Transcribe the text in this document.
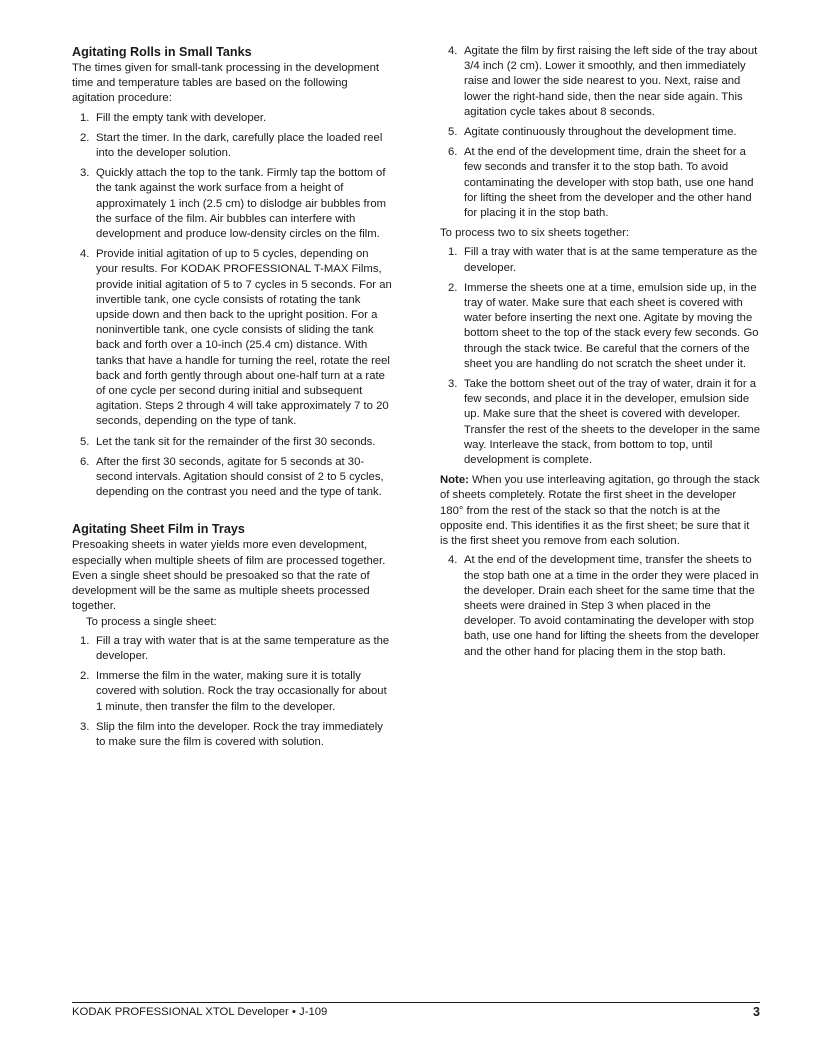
Agitating Rolls in Small Tanks

The times given for small-tank processing in the development time and temperature tables are based on the following agitation procedure:

1. Fill the empty tank with developer.
2. Start the timer. In the dark, carefully place the loaded reel into the developer solution.
3. Quickly attach the top to the tank. Firmly tap the bottom of the tank against the work surface from a height of approximately 1 inch (2.5 cm) to dislodge air bubbles from the surface of the film. Air bubbles can interfere with development and produce low-density circles on the film.
4. Provide initial agitation of up to 5 cycles, depending on your results. For KODAK PROFESSIONAL T-MAX Films, provide initial agitation of 5 to 7 cycles in 5 seconds. For an invertible tank, one cycle consists of rotating the tank upside down and then back to the upright position. For a noninvertible tank, one cycle consists of sliding the tank back and forth over a 10-inch (25.4 cm) distance. With tanks that have a handle for turning the reel, rotate the reel back and forth gently through about one-half turn at a rate of one cycle per second during initial and subsequent agitation. Steps 2 through 4 will take approximately 7 to 20 seconds, depending on the type of tank.
5. Let the tank sit for the remainder of the first 30 seconds.
6. After the first 30 seconds, agitate for 5 seconds at 30-second intervals. Agitation should consist of 2 to 5 cycles, depending on the contrast you need and the type of tank.
Agitating Sheet Film in Trays

Presoaking sheets in water yields more even development, especially when multiple sheets of film are processed together. Even a single sheet should be presoaked so that the rate of development will be the same as multiple sheets processed together.

To process a single sheet:

1. Fill a tray with water that is at the same temperature as the developer.
2. Immerse the film in the water, making sure it is totally covered with solution. Rock the tray occasionally for about 1 minute, then transfer the film to the developer.
3. Slip the film into the developer. Rock the tray immediately to make sure the film is covered with solution.
4. Agitate the film by first raising the left side of the tray about 3/4 inch (2 cm). Lower it smoothly, and then immediately raise and lower the side nearest to you. Next, raise and lower the right-hand side, then the near side again. This agitation cycle takes about 8 seconds.
5. Agitate continuously throughout the development time.
6. At the end of the development time, drain the sheet for a few seconds and transfer it to the stop bath. To avoid contaminating the developer with stop bath, use one hand for lifting the sheet from the developer and the other hand for placing it in the stop bath.

To process two to six sheets together:

1. Fill a tray with water that is at the same temperature as the developer.
2. Immerse the sheets one at a time, emulsion side up, in the tray of water. Make sure that each sheet is covered with water before inserting the next one. Agitate by moving the bottom sheet to the top of the stack every few seconds. Go through the stack twice. Be careful that the corners of the sheet you are handling do not scratch the sheet under it.
3. Take the bottom sheet out of the tray of water, drain it for a few seconds, and place it in the developer, emulsion side up. Make sure that the sheet is covered with developer. Transfer the rest of the sheets to the developer in the same way. Interleave the stack, from bottom to top, until development is complete.

Note: When you use interleaving agitation, go through the stack of sheets completely. Rotate the first sheet in the developer 180° from the rest of the stack so that the notch is at the opposite end. This identifies it as the first sheet; be sure that it is the first sheet you remove from each solution.

4. At the end of the development time, transfer the sheets to the stop bath one at a time in the order they were placed in the developer. Drain each sheet for the same time that the sheets were drained in Step 3 when placed in the developer. To avoid contaminating the developer with stop bath, use one hand for lifting the sheets from the developer and the other hand for placing them in the stop bath.
KODAK PROFESSIONAL XTOL Developer • J-109	3
